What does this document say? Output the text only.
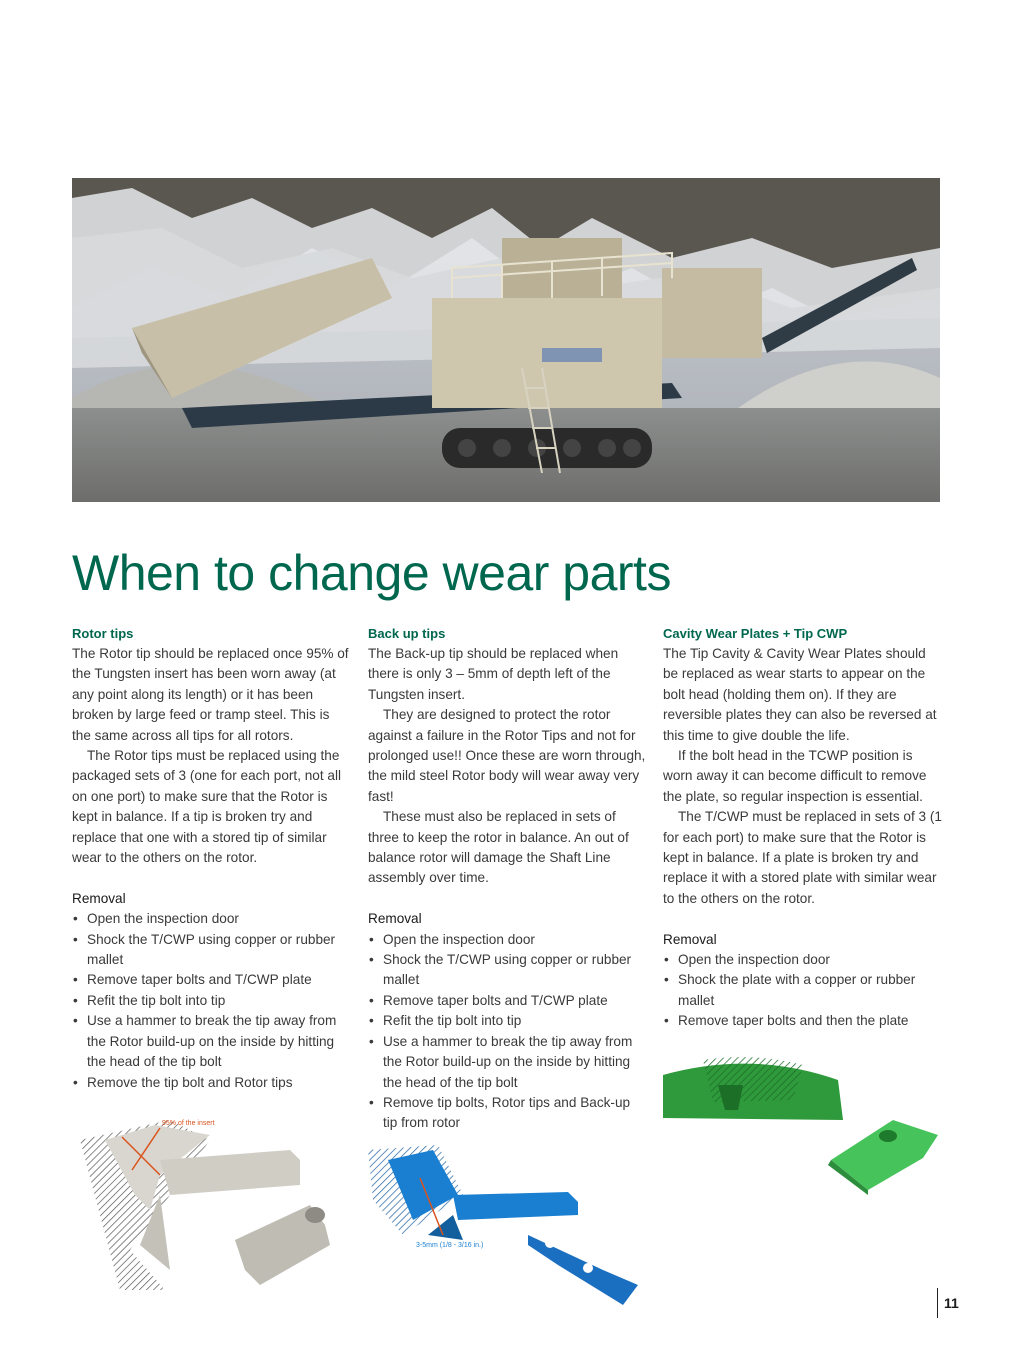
When to change wear parts
Rotor tips

The Rotor tip should be replaced once 95% of the Tungsten insert has been worn away (at any point along its length) or it has been broken by large feed or tramp steel. This is the same across all tips for all rotors.

The Rotor tips must be replaced using the packaged sets of 3 (one for each port, not all on one port) to make sure that the Rotor is kept in balance. If a tip is broken try and replace that one with a stored tip of similar wear to the others on the rotor.

Removal
• Open the inspection door
• Shock the T/CWP using copper or rubber mallet
• Remove taper bolts and T/CWP plate
• Refit the tip bolt into tip
• Use a hammer to break the tip away from the Rotor build-up on the inside by hitting the head of the tip bolt
• Remove the tip bolt and Rotor tips
Back up tips

The Back-up tip should be replaced when there is only 3 – 5mm of depth left of the Tungsten insert.

They are designed to protect the rotor against a failure in the Rotor Tips and not for prolonged use!! Once these are worn through, the mild steel Rotor body will wear away very fast!

These must also be replaced in sets of three to keep the rotor in balance. An out of balance rotor will damage the Shaft Line assembly over time.

Removal
• Open the inspection door
• Shock the T/CWP using copper or rubber mallet
• Remove taper bolts and T/CWP plate
• Refit the tip bolt into tip
• Use a hammer to break the tip away from the Rotor build-up on the inside by hitting the head of the tip bolt
• Remove tip bolts, Rotor tips and Back-up tip from rotor
Cavity Wear Plates + Tip CWP

The Tip Cavity & Cavity Wear Plates should be replaced as wear starts to appear on the bolt head (holding them on). If they are reversible plates they can also be reversed at this time to give double the life.

If the bolt head in the TCWP position is worn away it can become difficult to remove the plate, so regular inspection is essential.

The T/CWP must be replaced in sets of 3 (1 for each port) to make sure that the Rotor is kept in balance. If a plate is broken try and replace it with a stored plate with similar wear to the others on the rotor.

Removal
• Open the inspection door
• Shock the plate with a copper or rubber mallet
• Remove taper bolts and then the plate
95% of the insert
3-5mm (1/8 - 3/16 in.)
11
